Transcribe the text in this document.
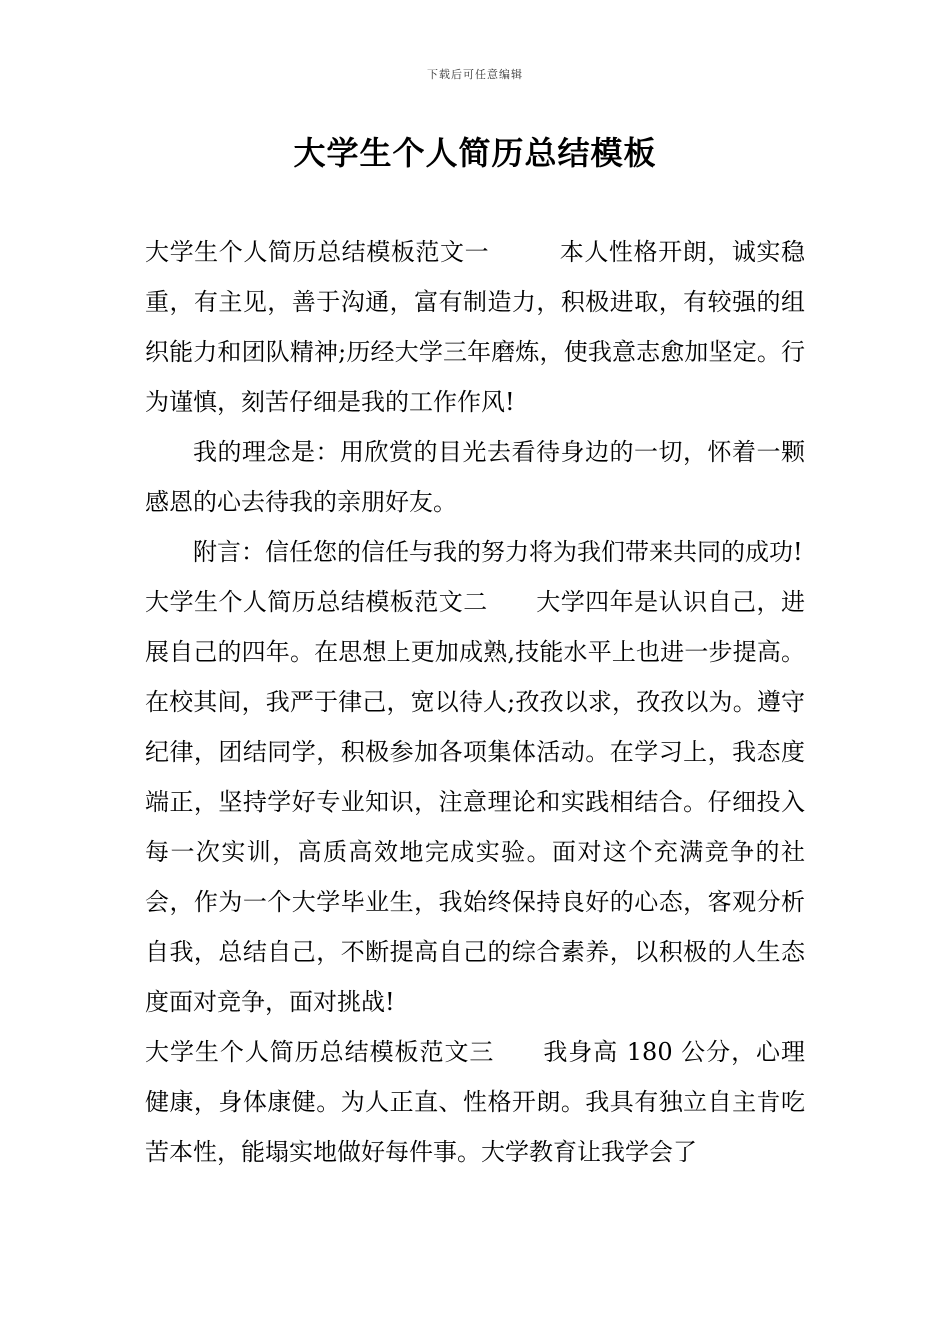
下载后可任意编辑
大学生个人简历总结模板

大学生个人简历总结模板范文一	本人性格开朗，诚实稳重，有主见，善于沟通，富有制造力，积极进取，有较强的组织能力和团队精神;历经大学三年磨炼，使我意志愈加坚定。行为谨慎，刻苦仔细是我的工作作风!

我的理念是：用欣赏的目光去看待身边的一切，怀着一颗感恩的心去待我的亲朋好友。

附言：信任您的信任与我的努力将为我们带来共同的成功!

大学生个人简历总结模板范文二 大学四年是认识自己，进展自己的四年。在思想上更加成熟,技能水平上也进一步提高。在校其间，我严于律己，宽以待人;孜孜以求，孜孜以为。遵守纪律，团结同学，积极参加各项集体活动。在学习上，我态度端正，坚持学好专业知识，注意理论和实践相结合。仔细投入每一次实训，高质高效地完成实验。面对这个充满竞争的社会，作为一个大学毕业生，我始终保持良好的心态，客观分析自我，总结自己，不断提高自己的综合素养，以积极的人生态度面对竞争，面对挑战!

大学生个人简历总结模板范文三 我身高 180 公分，心理健康，身体康健。为人正直、性格开朗。我具有独立自主肯吃苦本性，能塌实地做好每件事。大学教育让我学会了
